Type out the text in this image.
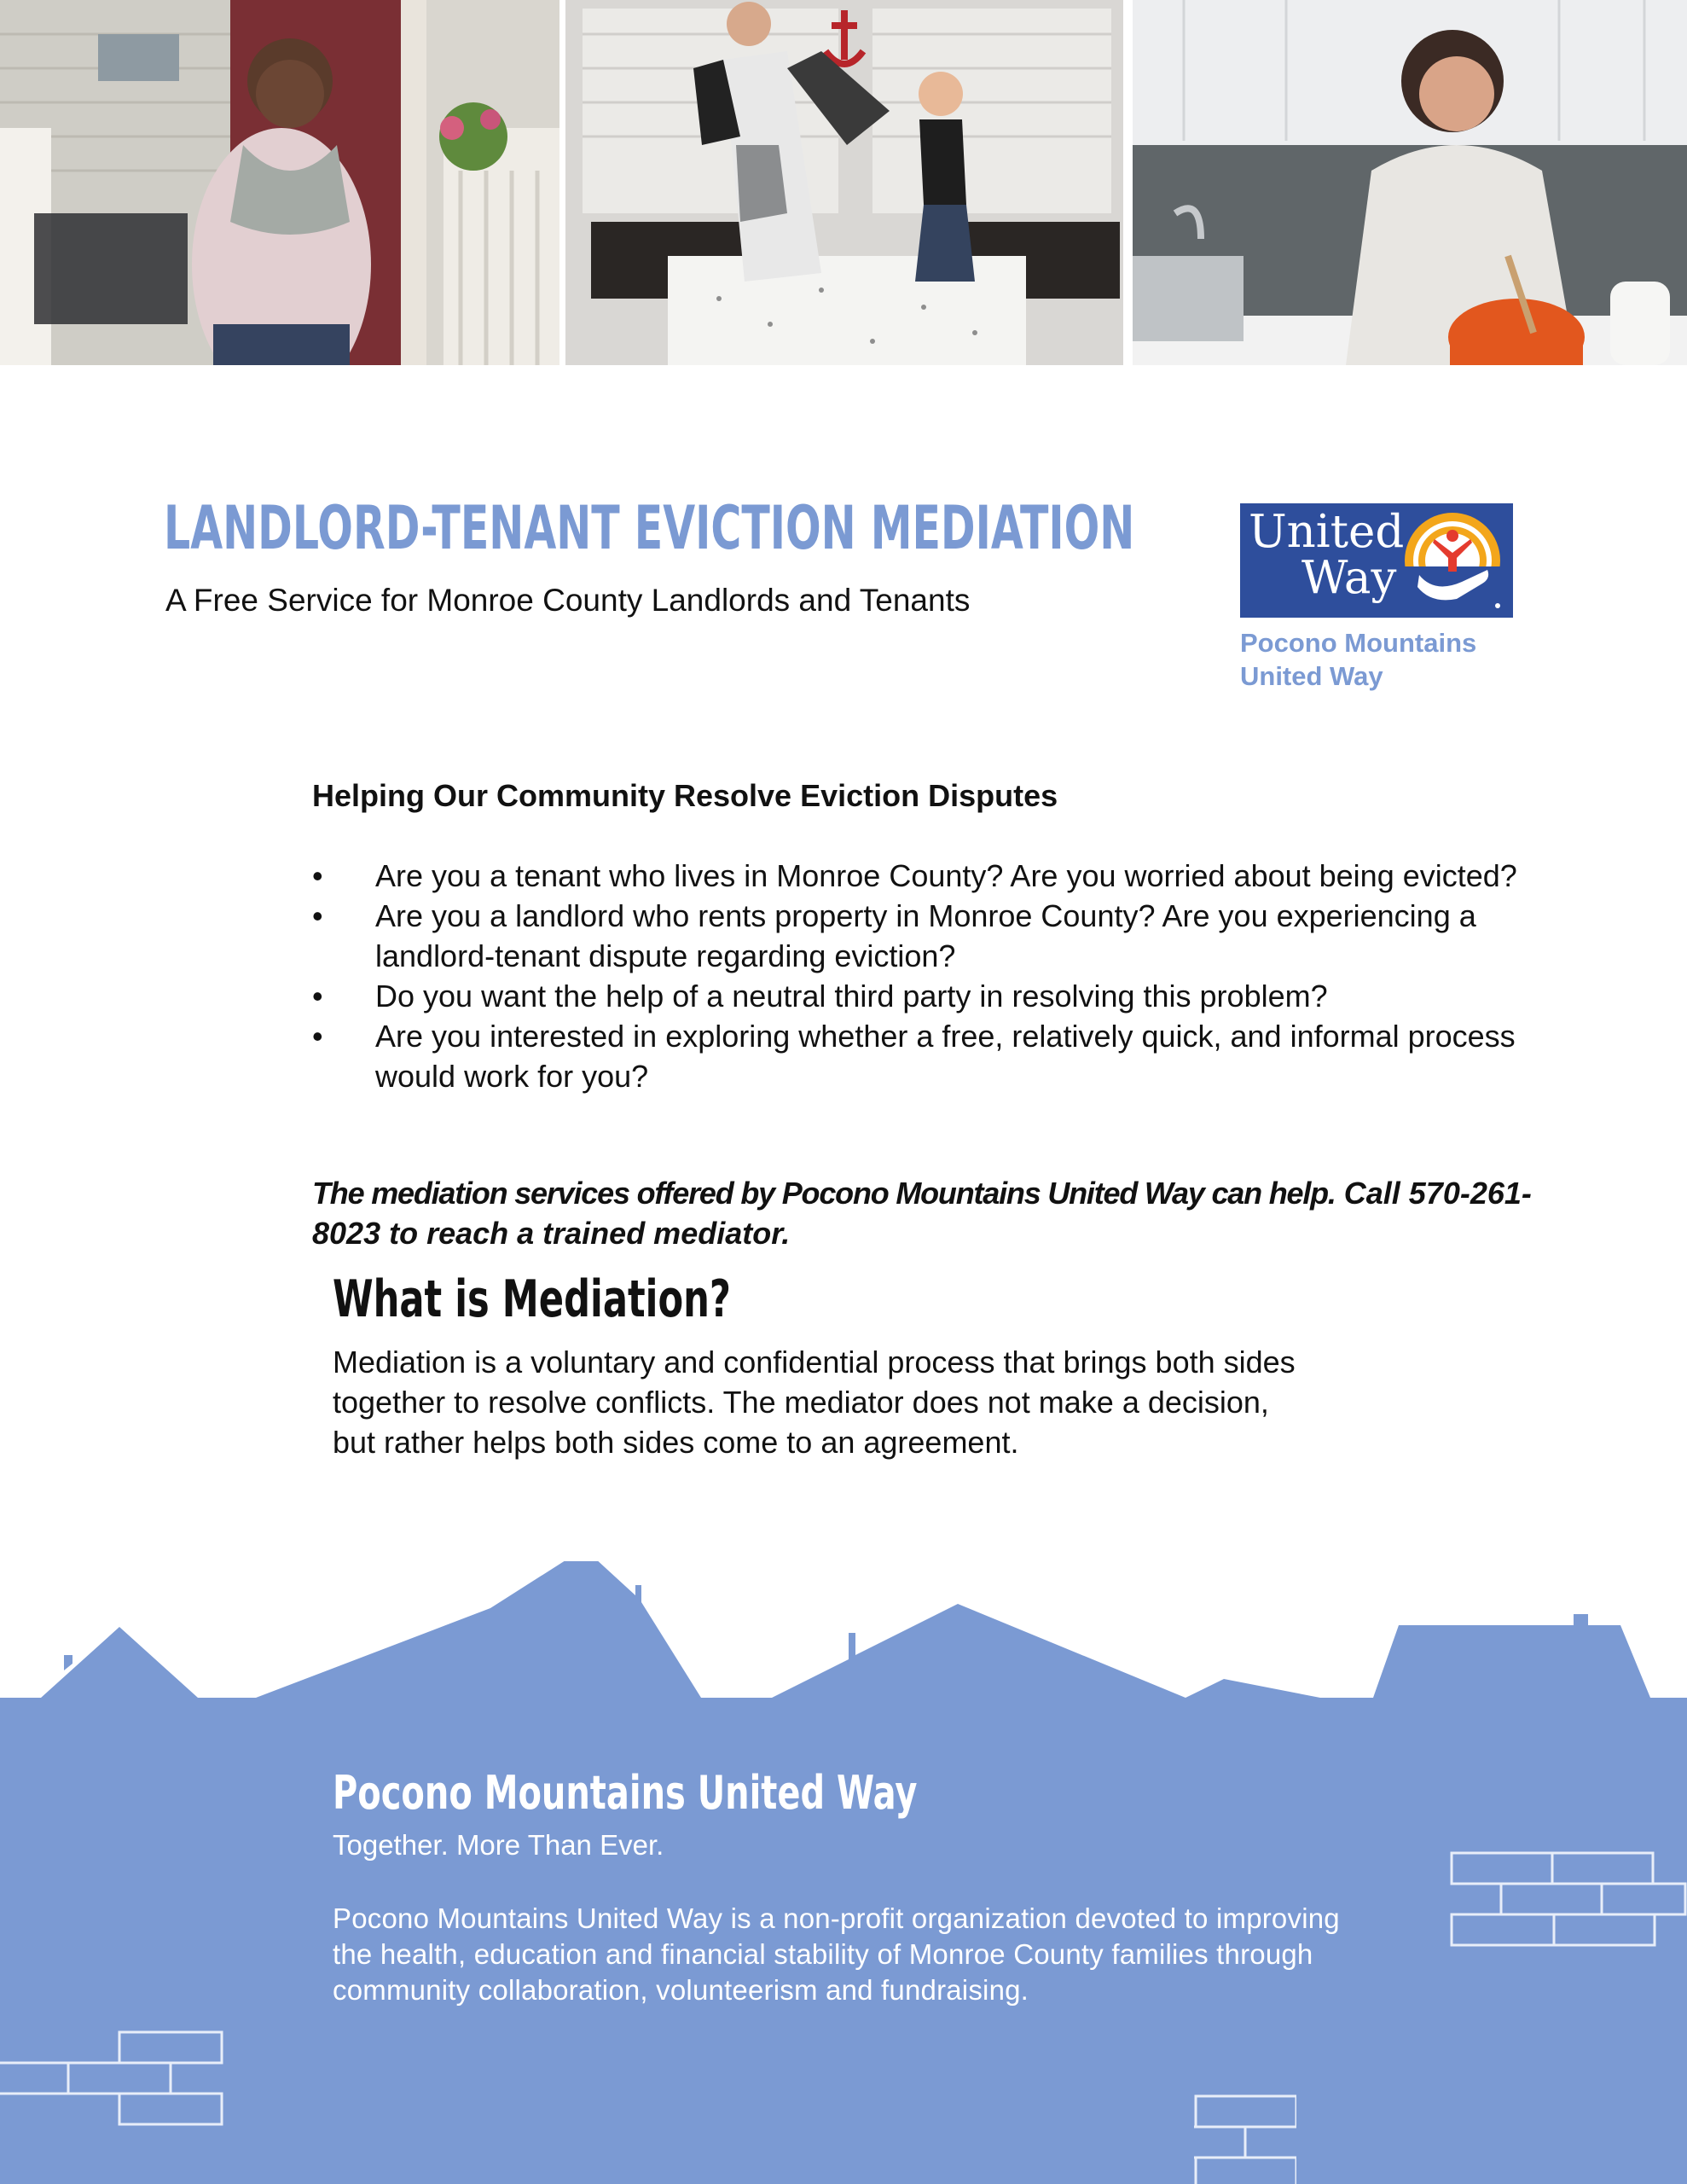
LANDLORD-TENANT EVICTION MEDIATION

A Free Service for Monroe County Landlords and Tenants

United
Way
Pocono Mountains
United Way
Helping Our Community Resolve Eviction Disputes
• Are you a tenant who lives in Monroe County? Are you worried about being evicted?
• Are you a landlord who rents property in Monroe County? Are you experiencing a landlord-tenant dispute regarding eviction?
• Do you want the help of a neutral third party in resolving this problem?
• Are you interested in exploring whether a free, relatively quick, and informal process would work for you?

The mediation services offered by Pocono Mountains United Way can help. Call 570-261-8023 to reach a trained mediator.

What is Mediation?

Mediation is a voluntary and confidential process that brings both sides
together to resolve conflicts. The mediator does not make a decision,
but rather helps both sides come to an agreement.

Pocono Mountains United Way

Together. More Than Ever.

Pocono Mountains United Way is a non-profit organization devoted to improving
the health, education and financial stability of Monroe County families through
community collaboration, volunteerism and fundraising.
